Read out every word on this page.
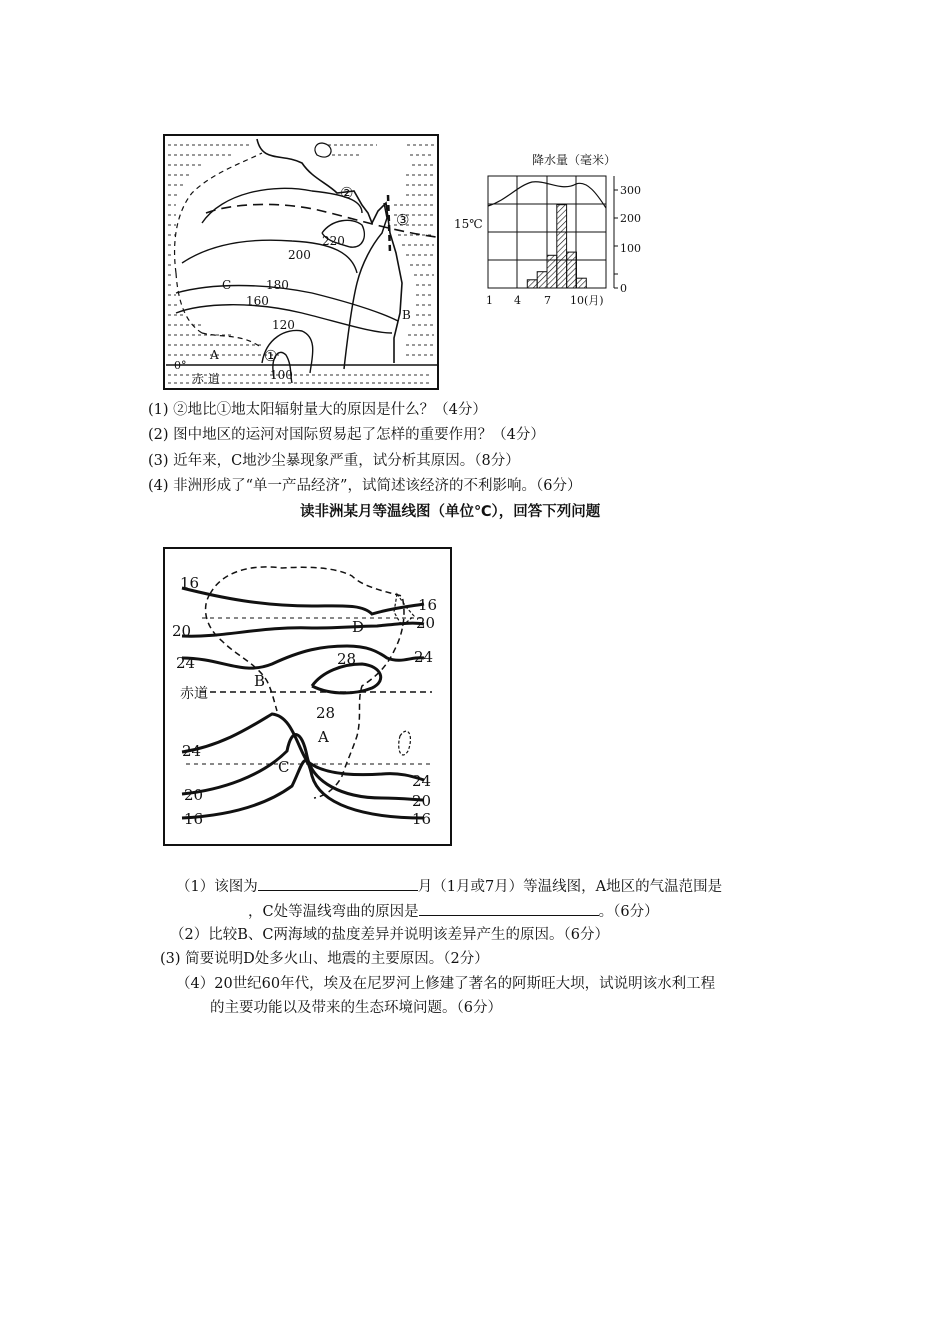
220
200
180
160
120
100
A
B
C
①
②
③
0°
赤 道
降水量（毫米）
15℃
300
200
100
0
1 4 7 10(月)
(1) ②地比①地太阳辐射量大的原因是什么？（4分）
(2) 图中地区的运河对国际贸易起了怎样的重要作用？（4分）
(3) 近年来，C地沙尘暴现象严重，试分析其原因。（8分）
(4) 非洲形成了“单一产品经济”，试简述该经济的不利影响。（6分）
读非洲某月等温线图（单位℃），回答下列问题
16
20
24
24
20
16
16
20
24
24
20
16
28
28
A
B
C
D
赤道
（1）该图为	月（1月或7月）等温线图，A地区的气温范围是
，C处等温线弯曲的原因是	。（6分）
（2）比较B、C两海域的盐度差异并说明该差异产生的原因。（6分）
(3) 简要说明D处多火山、地震的主要原因。（2分）
（4）20世纪60年代，埃及在尼罗河上修建了著名的阿斯旺大坝，试说明该水利工程
的主要功能以及带来的生态环境问题。（6分）
